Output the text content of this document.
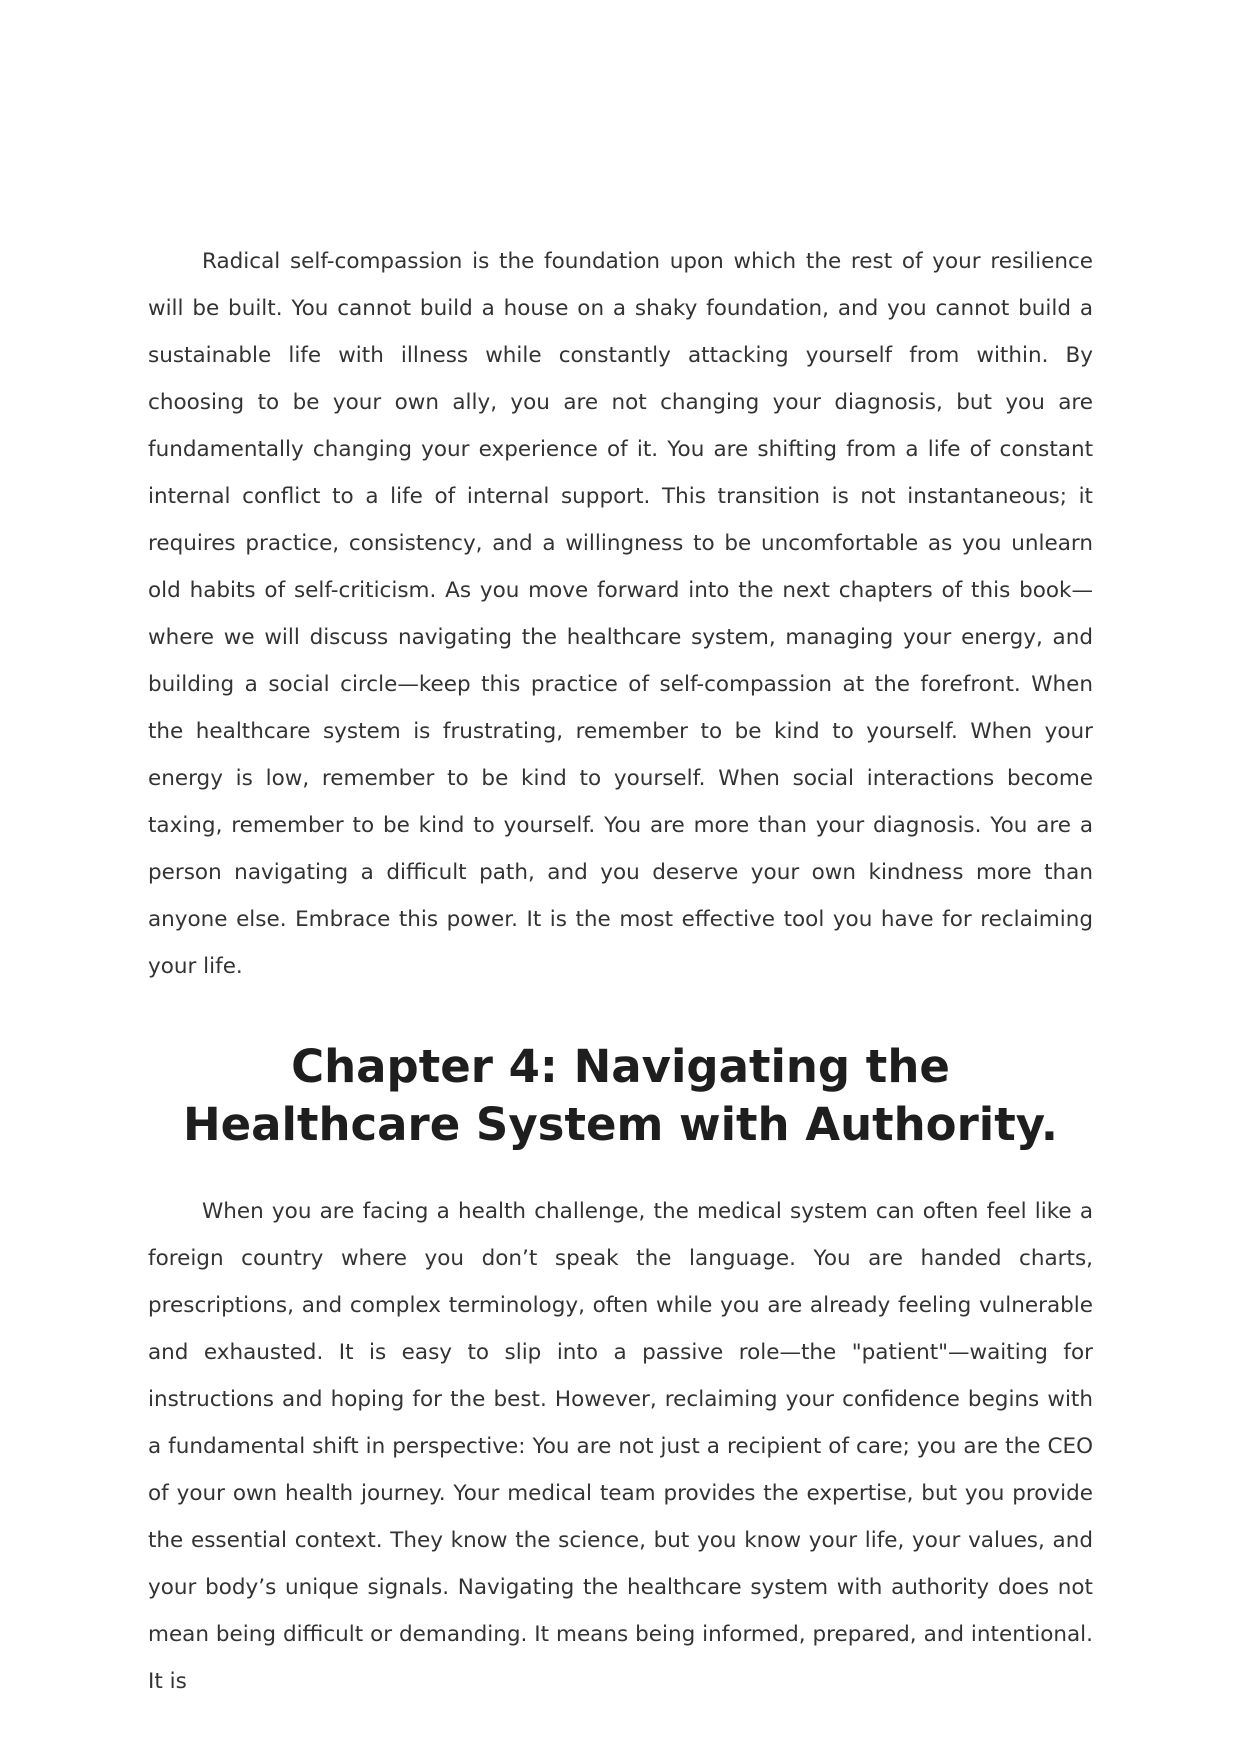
Radical self-compassion is the foundation upon which the rest of your resilience will be built. You cannot build a house on a shaky foundation, and you cannot build a sustainable life with illness while constantly attacking yourself from within. By choosing to be your own ally, you are not changing your diagnosis, but you are fundamentally changing your experience of it. You are shifting from a life of constant internal conflict to a life of internal support. This transition is not instantaneous; it requires practice, consistency, and a willingness to be uncomfortable as you unlearn old habits of self-criticism. As you move forward into the next chapters of this book—where we will discuss navigating the healthcare system, managing your energy, and building a social circle—keep this practice of self-compassion at the forefront. When the healthcare system is frustrating, remember to be kind to yourself. When your energy is low, remember to be kind to yourself. When social interactions become taxing, remember to be kind to yourself. You are more than your diagnosis. You are a person navigating a difficult path, and you deserve your own kindness more than anyone else. Embrace this power. It is the most effective tool you have for reclaiming your life.

Chapter 4: Navigating the Healthcare System with Authority.

When you are facing a health challenge, the medical system can often feel like a foreign country where you don’t speak the language. You are handed charts, prescriptions, and complex terminology, often while you are already feeling vulnerable and exhausted. It is easy to slip into a passive role—the "patient"—waiting for instructions and hoping for the best. However, reclaiming your confidence begins with a fundamental shift in perspective: You are not just a recipient of care; you are the CEO of your own health journey. Your medical team provides the expertise, but you provide the essential context. They know the science, but you know your life, your values, and your body’s unique signals. Navigating the healthcare system with authority does not mean being difficult or demanding. It means being informed, prepared, and intentional. It is
